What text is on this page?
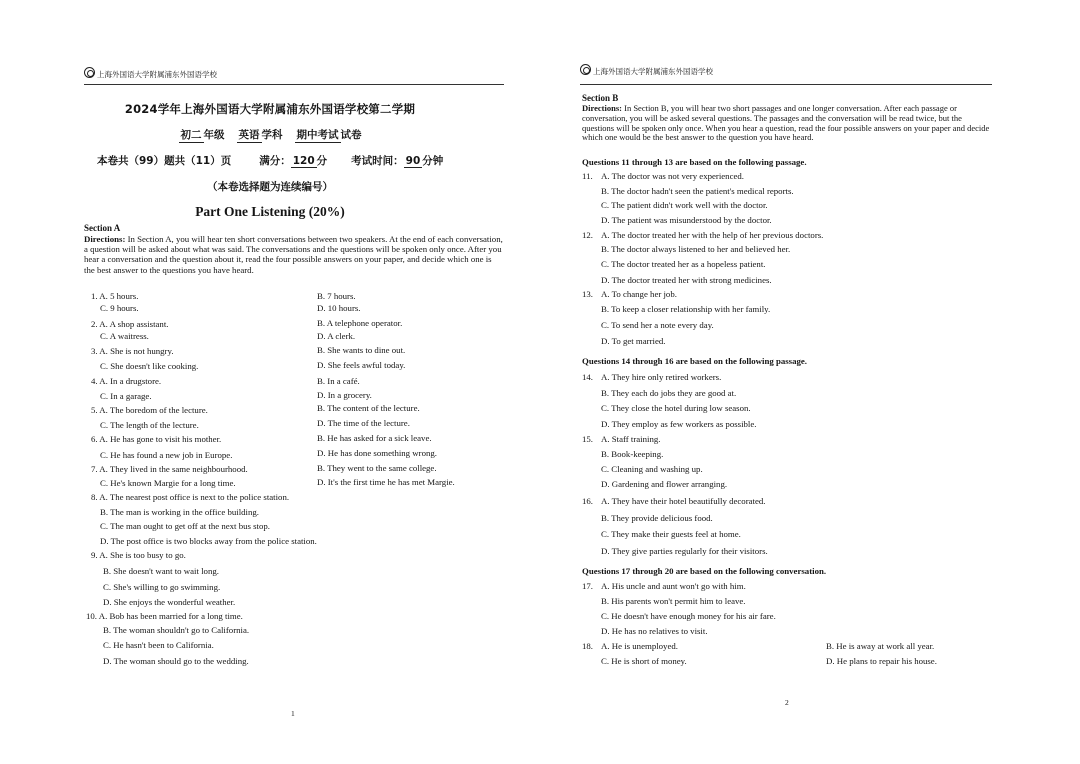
上海外国语大学附属浦东外国语学校
2024学年上海外国语大学附属浦东外国语学校第二学期
初二 年级 英语 学科 期中考试 试卷
本卷共（99）题共（11）页	满分： 120 分 考试时间： 90 分钟
（本卷选择题为连续编号）
Part One Listening (20%)
Section A
Directions: In Section A, you will hear ten short conversations between two speakers. At the end of each conversation, a question will be asked about what was said. The conversations and the questions will be spoken only once. After you hear a conversation and the question about it, read the four possible answers on your paper, and decide which one is the best answer to the questions you have heard.
1. A. 5 hours.	B. 7 hours.
C. 9 hours.	D. 10 hours.
2. A. A shop assistant.	B. A telephone operator.
C. A waitress.	D. A clerk.
3. A. She is not hungry.	B. She wants to dine out.
C. She doesn't like cooking.	D. She feels awful today.
4. A. In a drugstore.	B. In a café.
C. In a garage.	D. In a grocery.
5. A. The boredom of the lecture.	B. The content of the lecture.
C. The length of the lecture.	D. The time of the lecture.
6. A. He has gone to visit his mother.	B. He has asked for a sick leave.
C. He has found a new job in Europe.	D. He has done something wrong.
7. A. They lived in the same neighbourhood.	B. They went to the same college.
C. He's known Margie for a long time.	D. It's the first time he has met Margie.
8. A. The nearest post office is next to the police station.
B. The man is working in the office building.
C. The man ought to get off at the next bus stop.
D. The post office is two blocks away from the police station.
9. A. She is too busy to go.
B. She doesn't want to wait long.
C. She's willing to go swimming.
D. She enjoys the wonderful weather.
10. A. Bob has been married for a long time.
B. The woman shouldn't go to California.
C. He hasn't been to California.
D. The woman should go to the wedding.
1
上海外国语大学附属浦东外国语学校
Section B
Directions: In Section B, you will hear two short passages and one longer conversation. After each passage or conversation, you will be asked several questions. The passages and the conversation will be read twice, but the questions will be spoken only once. When you hear a question, read the four possible answers on your paper and decide which one would be the best answer to the question you have heard.
Questions 11 through 13 are based on the following passage.
11. A. The doctor was not very experienced.
B. The doctor hadn't seen the patient's medical reports.
C. The patient didn't work well with the doctor.
D. The patient was misunderstood by the doctor.
12. A. The doctor treated her with the help of her previous doctors.
B. The doctor always listened to her and believed her.
C. The doctor treated her as a hopeless patient.
D. The doctor treated her with strong medicines.
13. A. To change her job.
B. To keep a closer relationship with her family.
C. To send her a note every day.
D. To get married.
Questions 14 through 16 are based on the following passage.
14. A. They hire only retired workers.
B. They each do jobs they are good at.
C. They close the hotel during low season.
D. They employ as few workers as possible.
15. A. Staff training.
B. Book-keeping.
C. Cleaning and washing up.
D. Gardening and flower arranging.
16. A. They have their hotel beautifully decorated.
B. They provide delicious food.
C. They make their guests feel at home.
D. They give parties regularly for their visitors.
Questions 17 through 20 are based on the following conversation.
17. A. His uncle and aunt won't go with him.
B. His parents won't permit him to leave.
C. He doesn't have enough money for his air fare.
D. He has no relatives to visit.
18. A. He is unemployed.	B. He is away at work all year.
C. He is short of money.	D. He plans to repair his house.
2
